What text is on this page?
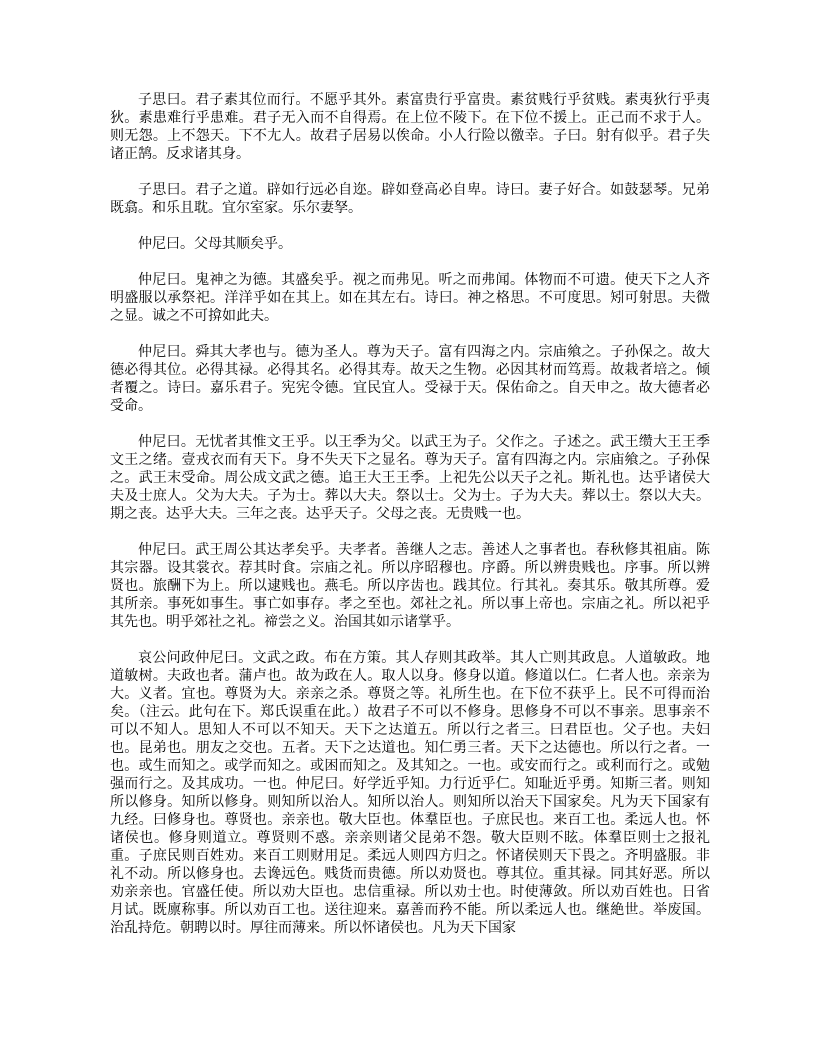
子思曰。君子素其位而行。不愿乎其外。素富贵行乎富贵。素贫贱行乎贫贱。素夷狄行乎夷狄。素患难行乎患难。君子无入而不自得焉。在上位不陵下。在下位不援上。正己而不求于人。则无怨。上不怨天。下不尢人。故君子居易以俟命。小人行险以徼幸。子曰。射有似乎。君子失诸正鹄。反求诸其身。

子思曰。君子之道。辟如行远必自迩。辟如登高必自卑。诗曰。妻子好合。如鼓瑟琴。兄弟既翕。和乐且耽。宜尔室家。乐尔妻孥。

仲尼曰。父母其顺矣乎。

仲尼曰。鬼神之为德。其盛矣乎。视之而弗见。听之而弗闻。体物而不可遗。使天下之人齐明盛服以承祭祀。洋洋乎如在其上。如在其左右。诗曰。神之格思。不可度思。矧可射思。夫微之显。诚之不可揜如此夫。

仲尼曰。舜其大孝也与。德为圣人。尊为天子。富有四海之内。宗庙飨之。子孙保之。故大德必得其位。必得其禄。必得其名。必得其寿。故天之生物。必因其材而笃焉。故栽者培之。倾者覆之。诗曰。嘉乐君子。宪宪令德。宜民宜人。受禄于天。保佑命之。自天申之。故大德者必受命。

仲尼曰。无忧者其惟文王乎。以王季为父。以武王为子。父作之。子述之。武王缵大王王季文王之绪。壹戎衣而有天下。身不失天下之显名。尊为天子。富有四海之内。宗庙飨之。子孙保之。武王末受命。周公成文武之德。追王大王王季。上祀先公以天子之礼。斯礼也。达乎诸侯大夫及士庶人。父为大夫。子为士。葬以大夫。祭以士。父为士。子为大夫。葬以士。祭以大夫。期之丧。达乎大夫。三年之丧。达乎天子。父母之丧。无贵贱一也。

仲尼曰。武王周公其达孝矣乎。夫孝者。善继人之志。善述人之事者也。春秋修其祖庙。陈其宗器。设其裳衣。荐其时食。宗庙之礼。所以序昭穆也。序爵。所以辨贵贱也。序事。所以辨贤也。旅酬下为上。所以逮贱也。燕毛。所以序齿也。践其位。行其礼。奏其乐。敬其所尊。爱其所亲。事死如事生。事亡如事存。孝之至也。郊社之礼。所以事上帝也。宗庙之礼。所以祀乎其先也。明乎郊社之礼。禘尝之义。治国其如示诸掌乎。

哀公问政仲尼曰。文武之政。布在方策。其人存则其政举。其人亡则其政息。人道敏政。地道敏树。夫政也者。蒲卢也。故为政在人。取人以身。修身以道。修道以仁。仁者人也。亲亲为大。义者。宜也。尊贤为大。亲亲之杀。尊贤之等。礼所生也。在下位不获乎上。民不可得而治矣。（注云。此句在下。郑氏误重在此。）故君子不可以不修身。思修身不可以不事亲。思事亲不可以不知人。思知人不可以不知天。天下之达道五。所以行之者三。曰君臣也。父子也。夫妇也。昆弟也。朋友之交也。五者。天下之达道也。知仁勇三者。天下之达德也。所以行之者。一也。或生而知之。或学而知之。或困而知之。及其知之。一也。或安而行之。或利而行之。或勉强而行之。及其成功。一也。仲尼曰。好学近乎知。力行近乎仁。知耻近乎勇。知斯三者。则知所以修身。知所以修身。则知所以治人。知所以治人。则知所以治天下国家矣。凡为天下国家有九经。曰修身也。尊贤也。亲亲也。敬大臣也。体羣臣也。子庶民也。来百工也。柔远人也。怀诸侯也。修身则道立。尊贤则不惑。亲亲则诸父昆弟不怨。敬大臣则不眩。体羣臣则士之报礼重。子庶民则百姓劝。来百工则财用足。柔远人则四方归之。怀诸侯则天下畏之。齐明盛服。非礼不动。所以修身也。去谗远色。贱货而贵德。所以劝贤也。尊其位。重其禄。同其好恶。所以劝亲亲也。官盛任使。所以劝大臣也。忠信重禄。所以劝士也。时使薄敛。所以劝百姓也。日省月试。既廪称事。所以劝百工也。送往迎来。嘉善而矜不能。所以柔远人也。继絶世。举废国。治乱持危。朝聘以时。厚往而薄来。所以怀诸侯也。凡为天下国家
